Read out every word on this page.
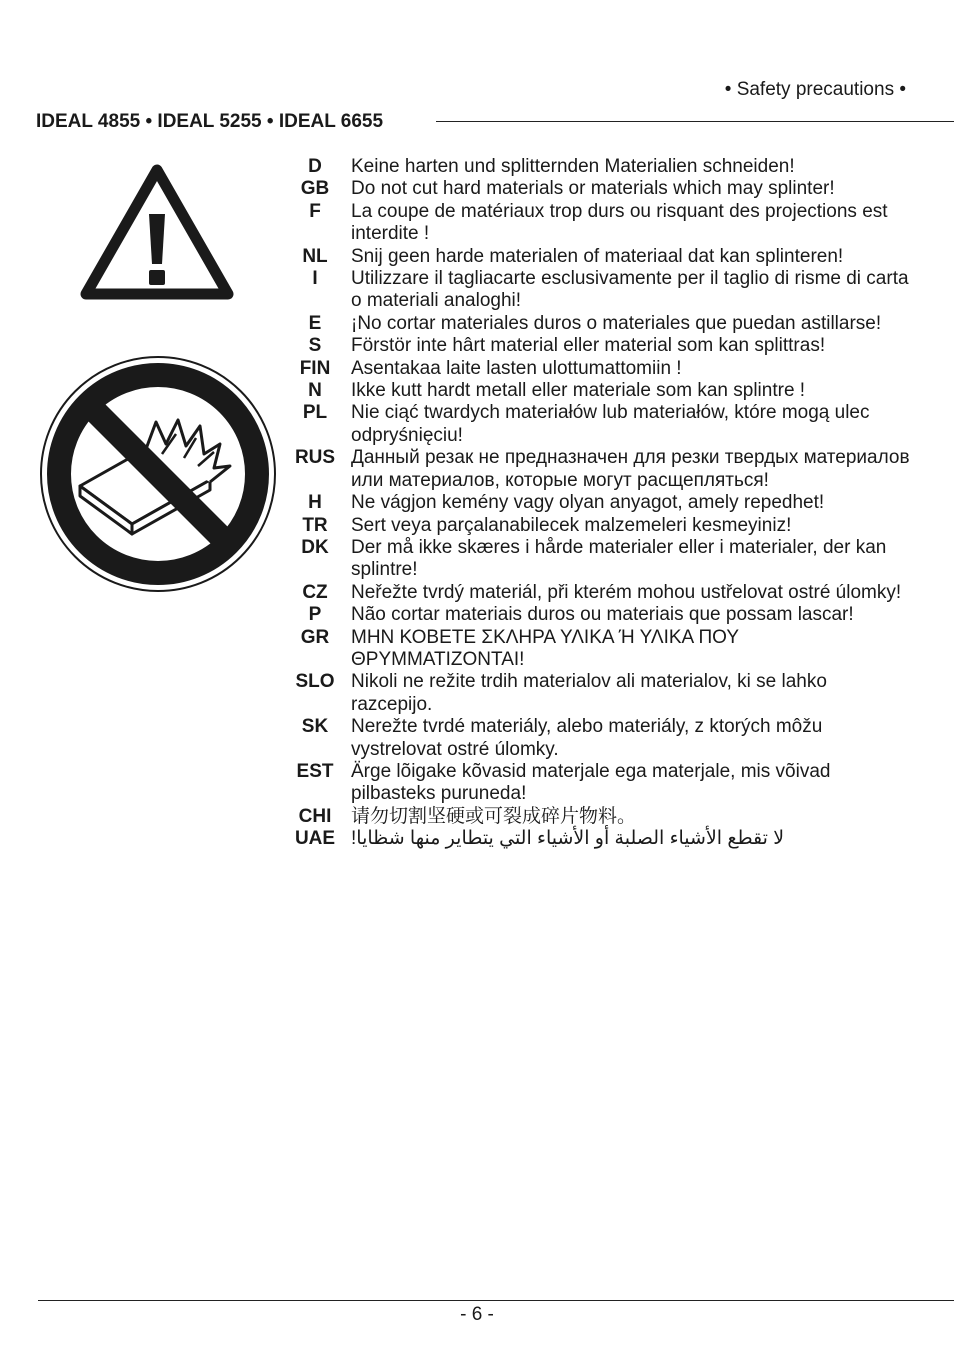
• Safety precautions •
IDEAL 4855 • IDEAL 5255 • IDEAL 6655
D	Keine harten und splitternden Materialien schneiden!
GB	Do not cut hard materials or materials which may splinter!
F	La coupe de matériaux trop durs ou risquant des projections est interdite !
NL	Snij geen harde materialen of materiaal dat kan splinteren!
I	Utilizzare il tagliacarte esclusivamente per il taglio di risme di carta o materiali analoghi!
E	¡No cortar materiales duros o materiales que puedan astillarse!
S	Förstör inte hârt material eller material som kan splittras!
FIN	Asentakaa laite lasten ulottumattomiin !
N	Ikke kutt hardt metall eller materiale som kan splintre !
PL	Nie ciąć twardych materiałów lub materiałów, które mogą ulec odpryśnięciu!
RUS Данный резак не предназначен для резки твердых материалов или материалов, которые могут расщепляться!
H	Ne vágjon kemény vagy olyan anyagot, amely repedhet!
TR	Sert veya parçalanabilecek malzemeleri kesmeyiniz!
DK	Der må ikke skæres i hårde materialer eller i materialer, der kan splintre!
CZ	Neřežte tvrdý materiál, při kterém mohou ustřelovat ostré úlomky!
P	Não cortar materiais duros ou materiais que possam lascar!
GR	ΜΗΝ ΚΟΒΕΤΕ ΣΚΛΗΡΑ ΥΛΙΚΑ Ή ΥΛΙΚΑ ΠΟΥ ΘΡΥΜΜΑΤΙΖΟΝΤΑΙ!
SLO Nikoli ne režite trdih materialov ali materialov, ki se lahko razcepijo.
SK	Nerežte tvrdé materiály, alebo materiály, z ktorých môžu vystrelovat ostré úlomky.
EST Ärge lõigake kõvasid materjale ega materjale, mis võivad pilbasteks puruneda!
CHI	请勿切割坚硬或可裂成碎片物料。
UAE لا تقطع الأشياء الصلبة أو الأشياء التي يتطاير منها شظايا!
- 6 -
